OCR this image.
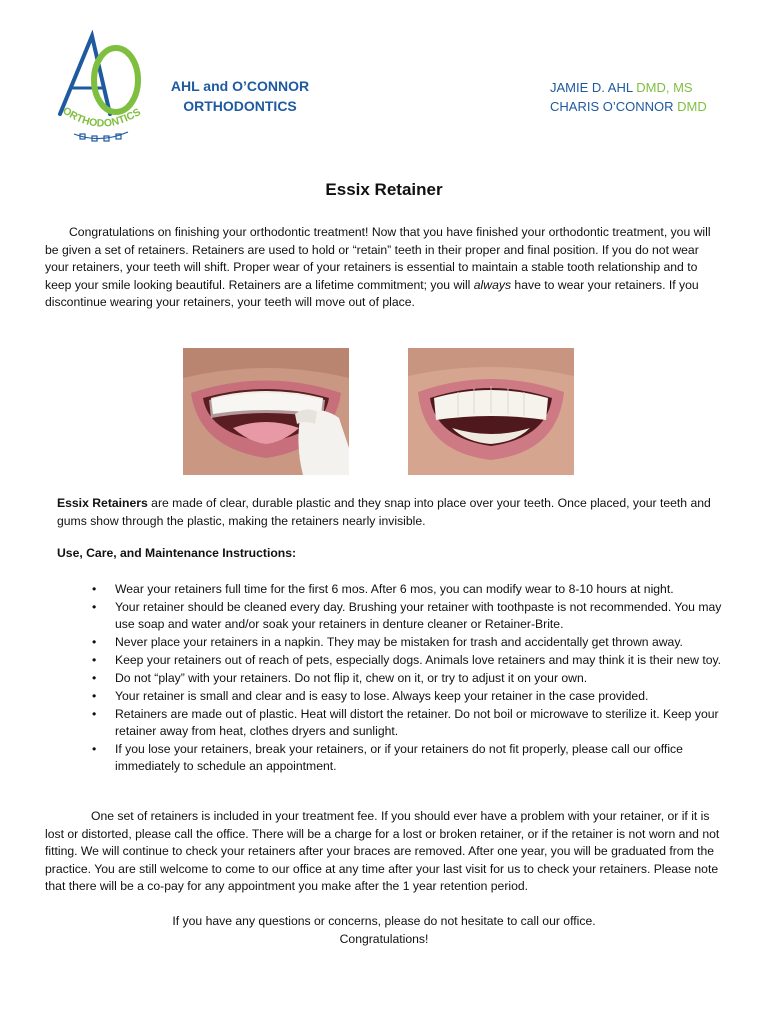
ORTHODONTICS
AHL and O’CONNOR
ORTHODONTICS
JAMIE D. AHL DMD, MS
CHARIS O’CONNOR DMD
Essix Retainer
Congratulations on finishing your orthodontic treatment! Now that you have finished your orthodontic treatment, you will be given a set of retainers. Retainers are used to hold or “retain” teeth in their proper and final position. If you do not wear your retainers, your teeth will shift. Proper wear of your retainers is essential to maintain a stable tooth relationship and to keep your smile looking beautiful. Retainers are a lifetime commitment; you will always have to wear your retainers. If you discontinue wearing your retainers, your teeth will move out of place.
Essix Retainers are made of clear, durable plastic and they snap into place over your teeth. Once placed, your teeth and gums show through the plastic, making the retainers nearly invisible.
Use, Care, and Maintenance Instructions:
• Wear your retainers full time for the first 6 mos. After 6 mos, you can modify wear to 8-10 hours at night.
• Your retainer should be cleaned every day. Brushing your retainer with toothpaste is not recommended. You may use soap and water and/or soak your retainers in denture cleaner or Retainer-Brite.
• Never place your retainers in a napkin. They may be mistaken for trash and accidentally get thrown away.
• Keep your retainers out of reach of pets, especially dogs. Animals love retainers and may think it is their new toy.
• Do not “play” with your retainers. Do not flip it, chew on it, or try to adjust it on your own.
• Your retainer is small and clear and is easy to lose. Always keep your retainer in the case provided.
• Retainers are made out of plastic. Heat will distort the retainer. Do not boil or microwave to sterilize it. Keep your retainer away from heat, clothes dryers and sunlight.
• If you lose your retainers, break your retainers, or if your retainers do not fit properly, please call our office immediately to schedule an appointment.
One set of retainers is included in your treatment fee. If you should ever have a problem with your retainer, or if it is lost or distorted, please call the office. There will be a charge for a lost or broken retainer, or if the retainer is not worn and not fitting. We will continue to check your retainers after your braces are removed. After one year, you will be graduated from the practice. You are still welcome to come to our office at any time after your last visit for us to check your retainers. Please note that there will be a co-pay for any appointment you make after the 1 year retention period.
If you have any questions or concerns, please do not hesitate to call our office.
Congratulations!
